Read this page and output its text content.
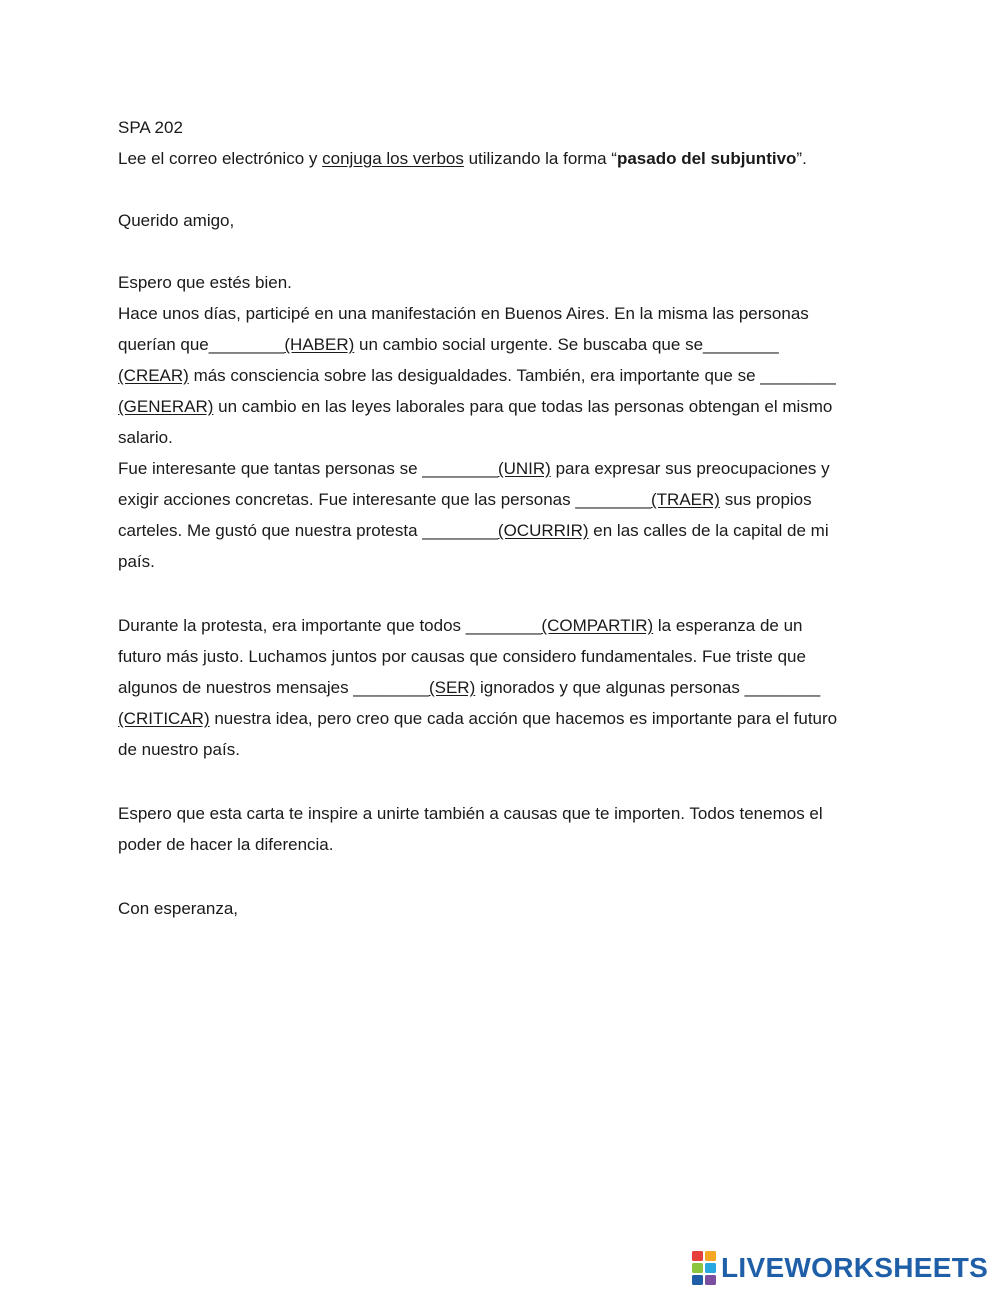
SPA 202

Lee el correo electrónico y conjuga los verbos utilizando la forma “pasado del subjuntivo”.

Querido amigo,

Espero que estés bien.

Hace unos días, participé en una manifestación en Buenos Aires. En la misma las personas

querían que________(HABER) un cambio social urgente. Se buscaba que se________

(CREAR) más consciencia sobre las desigualdades. También, era importante que se ________

(GENERAR) un cambio en las leyes laborales para que todas las personas obtengan el mismo

salario.

Fue interesante que tantas personas se ________(UNIR) para expresar sus preocupaciones y

exigir acciones concretas. Fue interesante que las personas ________(TRAER) sus propios

carteles. Me gustó que nuestra protesta ________(OCURRIR) en las calles de la capital de mi

país.

Durante la protesta, era importante que todos ________(COMPARTIR) la esperanza de un

futuro más justo. Luchamos juntos por causas que considero fundamentales. Fue triste que

algunos de nuestros mensajes ________(SER) ignorados y que algunas personas ________

(CRITICAR) nuestra idea, pero creo que cada acción que hacemos es importante para el futuro

de nuestro país.

Espero que esta carta te inspire a unirte también a causas que te importen. Todos tenemos el

poder de hacer la diferencia.

Con esperanza,

LIVEWORKSHEETS
